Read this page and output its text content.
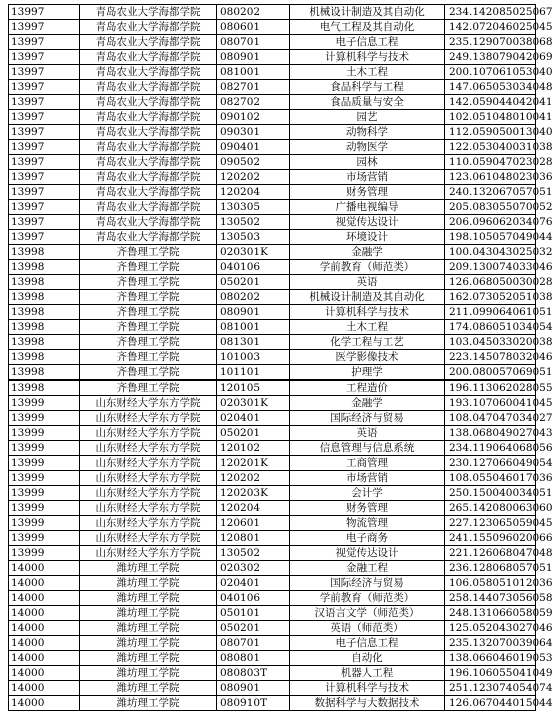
13997	青岛农业大学海都学院	080202	机械设计制造及其自动化	234.142085025067
13997	青岛农业大学海都学院	080601	电气工程及其自动化	142.072046025045
13997	青岛农业大学海都学院	080701	电子信息工程	235.129070038068
13997	青岛农业大学海都学院	080901	计算机科学与技术	249.138079042069
13997	青岛农业大学海都学院	081001	土木工程	200.107061053040
13997	青岛农业大学海都学院	082701	食品科学与工程	147.065053034048
13997	青岛农业大学海都学院	082702	食品质量与安全	142.059044042041
13997	青岛农业大学海都学院	090102	园艺	102.051048010041
13997	青岛农业大学海都学院	090301	动物科学	112.059050013040
13997	青岛农业大学海都学院	090401	动物医学	122.053040031038
13997	青岛农业大学海都学院	090502	园林	110.059047023028
13997	青岛农业大学海都学院	120202	市场营销	123.061048023036
13997	青岛农业大学海都学院	120204	财务管理	240.132067057051
13997	青岛农业大学海都学院	130305	广播电视编导	205.083055070052
13997	青岛农业大学海都学院	130502	视觉传达设计	206.096062034076
13997	青岛农业大学海都学院	130503	环境设计	198.105057049044
13998	齐鲁理工学院	020301K	金融学	100.043043025032
13998	齐鲁理工学院	040106	学前教育（师范类）	209.130074033046
13998	齐鲁理工学院	050201	英语	126.068050030028
13998	齐鲁理工学院	080202	机械设计制造及其自动化	162.073052051038
13998	齐鲁理工学院	080901	计算机科学与技术	211.099064061051
13998	齐鲁理工学院	081001	土木工程	174.086051034054
13998	齐鲁理工学院	081301	化学工程与工艺	103.045033020038
13998	齐鲁理工学院	101003	医学影像技术	223.145078032046
13998	齐鲁理工学院	101101	护理学	200.080057069051
13998	齐鲁理工学院	120105	工程造价	196.113062028055
13999	山东财经大学东方学院	020301K	金融学	193.107060041045
13999	山东财经大学东方学院	020401	国际经济与贸易	108.047047034027
13999	山东财经大学东方学院	050201	英语	138.068049027043
13999	山东财经大学东方学院	120102	信息管理与信息系统	234.119064068056
13999	山东财经大学东方学院	120201K	工商管理	230.127066049054
13999	山东财经大学东方学院	120202	市场营销	108.055046017036
13999	山东财经大学东方学院	120203K	会计学	250.150040034051
13999	山东财经大学东方学院	120204	财务管理	265.142080063060
13999	山东财经大学东方学院	120601	物流管理	227.123065059045
13999	山东财经大学东方学院	120801	电子商务	241.155096020066
13999	山东财经大学东方学院	130502	视觉传达设计	221.126068047048
14000	潍坊理工学院	020302	金融工程	236.128068057051
14000	潍坊理工学院	020401	国际经济与贸易	106.058051012036
14000	潍坊理工学院	040106	学前教育（师范类）	258.144073056058
14000	潍坊理工学院	050101	汉语言文学（师范类）	248.131066058059
14000	潍坊理工学院	050201	英语（师范类）	125.052043027046
14000	潍坊理工学院	080701	电子信息工程	235.132070039064
14000	潍坊理工学院	080801	自动化	138.066046019053
14000	潍坊理工学院	080803T	机器人工程	196.106055041049
14000	潍坊理工学院	080901	计算机科学与技术	251.123074054074
14000	潍坊理工学院	080910T	数据科学与大数据技术	126.067044015044
